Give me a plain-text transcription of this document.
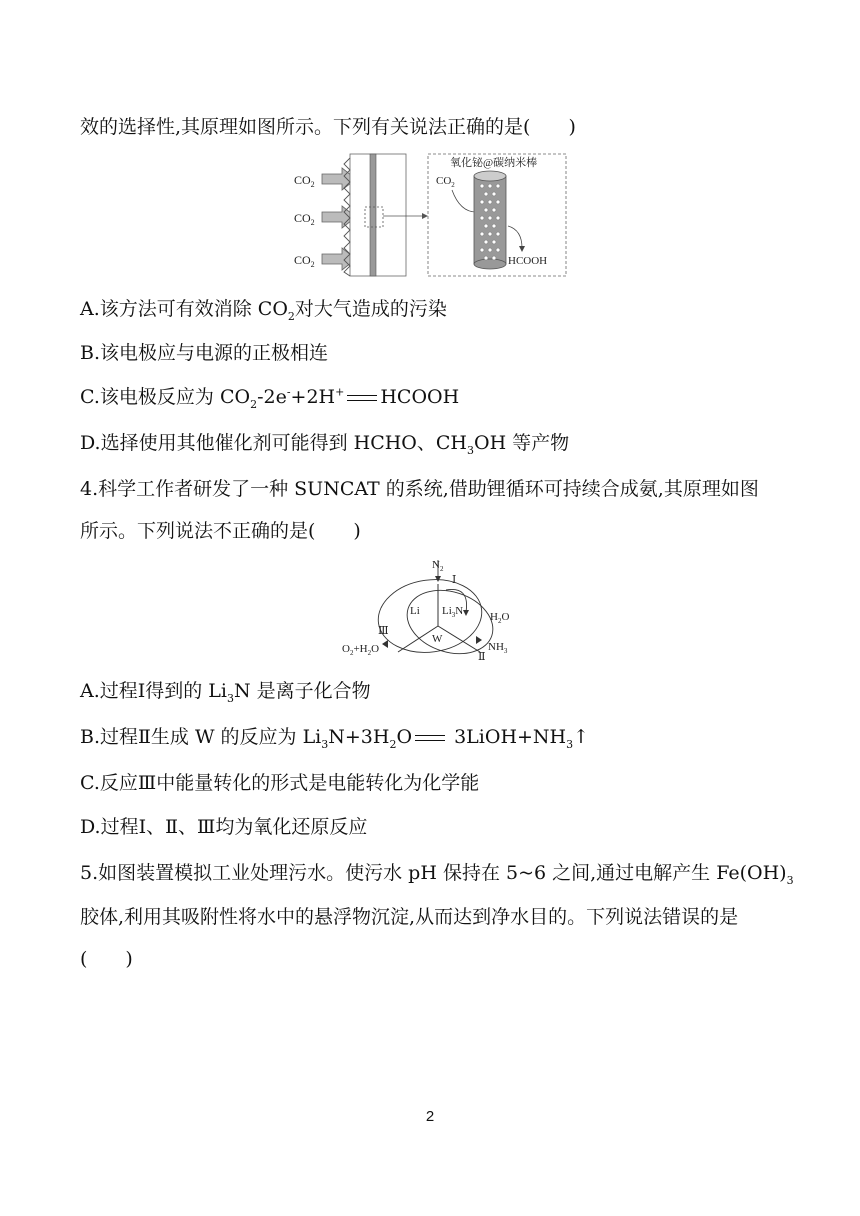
效的选择性,其原理如图所示。下列有关说法正确的是(　　)
$CO_2$
$CO_2$
$CO_2$
氧化铋@碳纳米棒
$CO_2$
HCOOH
A.该方法可有效消除 $CO_2$对大气造成的污染
B.该电极应与电源的正极相连
C.该电极反应为 $CO_2-2e^-+2H^+$ HCOOH
D.选择使用其他催化剂可能得到 HCHO、$CH_3OH$ 等产物
4.科学工作者研发了一种 SUNCAT 的系统,借助锂循环可持续合成氨,其原理如图
所示。下列说法不正确的是(　　)
$N_2$
Ⅰ
Li $Li_3N$ $H_2O$
Ⅲ
W
$O_2+H_2O$
Ⅱ
$NH_3$
A.过程Ⅰ得到的 $Li_3N$ 是离子化合物
B.过程Ⅱ生成 W 的反应为 $Li_3N+3H_2O$ $3LiOH+NH_3↑$
C.反应Ⅲ中能量转化的形式是电能转化为化学能
D.过程Ⅰ、Ⅱ、Ⅲ均为氧化还原反应
5.如图装置模拟工业处理污水。使污水 pH 保持在 5~6 之间,通过电解产生 $Fe(OH)_3$
胶体,利用其吸附性将水中的悬浮物沉淀,从而达到净水目的。下列说法错误的是
(　　)
2
